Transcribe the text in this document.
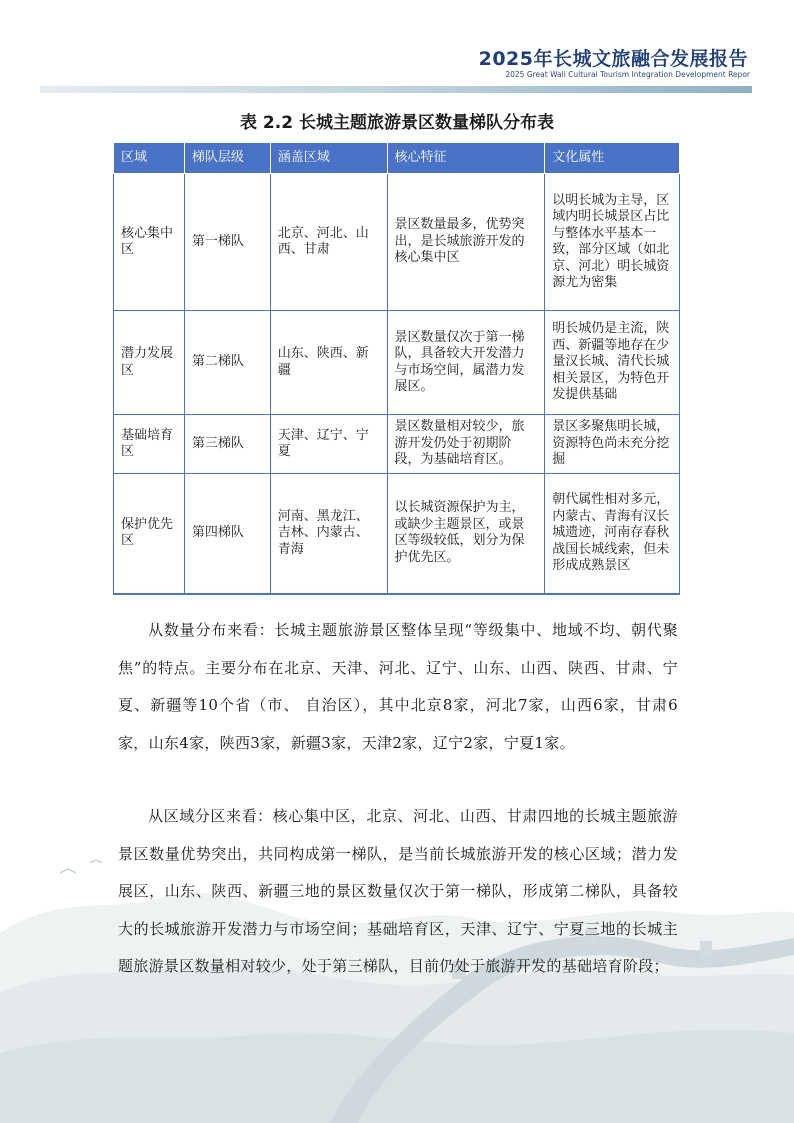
2025年长城文旅融合发展报告
2025 Great Wall Cultural Tourism Integration Development Repor
表 2.2 长城主题旅游景区数量梯队分布表
区域	梯队层级	涵盖区域	核心特征	文化属性
核心集中区	第一梯队	北京、河北、山西、甘肃	景区数量最多，优势突出，是长城旅游开发的核心集中区	以明长城为主导，区域内明长城景区占比与整体水平基本一致，部分区域（如北京、河北）明长城资源尤为密集
潜力发展区	第二梯队	山东、陕西、新疆	景区数量仅次于第一梯队，具备较大开发潜力与市场空间，属潜力发展区。	明长城仍是主流，陕西、新疆等地存在少量汉长城、清代长城相关景区，为特色开发提供基础
基础培育区	第三梯队	天津、辽宁、宁夏	景区数量相对较少，旅游开发仍处于初期阶段，为基础培育区。	景区多聚焦明长城，资源特色尚未充分挖掘
保护优先区	第四梯队	河南、黑龙江、吉林、内蒙古、青海	以长城资源保护为主，或缺少主题景区，或景区等级较低，划分为保护优先区。	朝代属性相对多元，内蒙古、青海有汉长城遗迹，河南存春秋战国长城线索，但未形成成熟景区

从数量分布来看：长城主题旅游景区整体呈现“等级集中、地域不均、朝代聚焦”的特点。主要分布在北京、天津、河北、辽宁、山东、山西、陕西、甘肃、宁夏、新疆等10个省（市、 自治区），其中北京8家，河北7家，山西6家，甘肃6家，山东4家，陕西3家，新疆3家，天津2家，辽宁2家，宁夏1家。

从区域分区来看：核心集中区，北京、河北、山西、甘肃四地的长城主题旅游景区数量优势突出，共同构成第一梯队，是当前长城旅游开发的核心区域；潜力发展区，山东、陕西、新疆三地的景区数量仅次于第一梯队，形成第二梯队，具备较大的长城旅游开发潜力与市场空间；基础培育区，天津、辽宁、宁夏三地的长城主题旅游景区数量相对较少，处于第三梯队，目前仍处于旅游开发的基础培育阶段；
